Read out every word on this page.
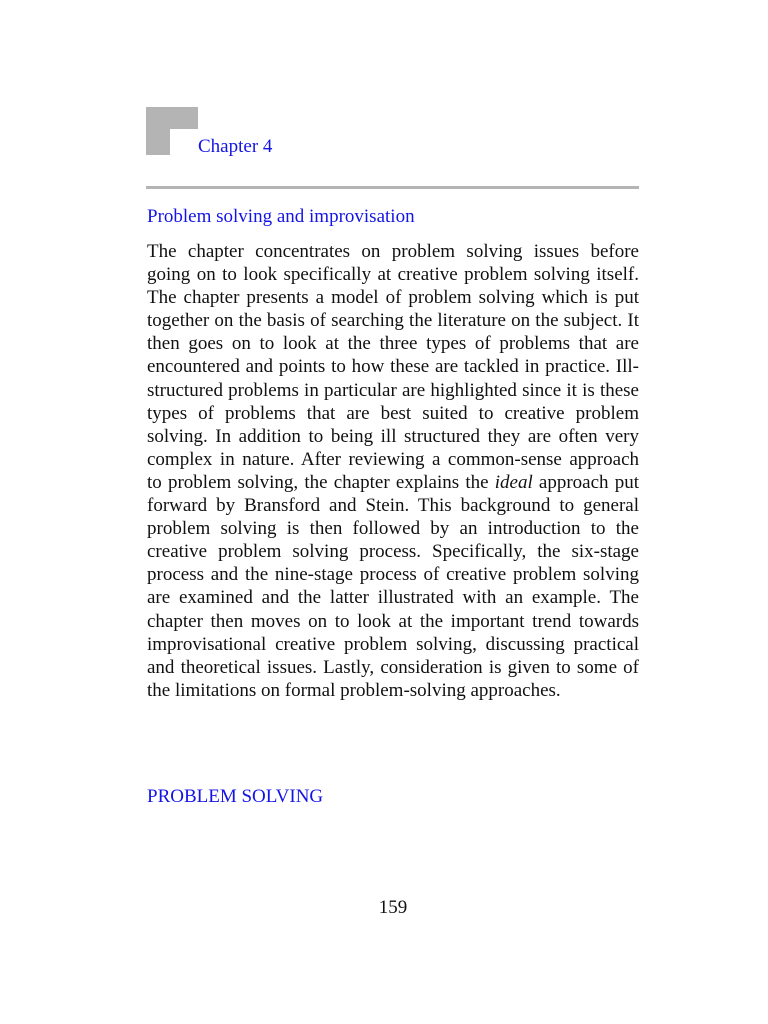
Chapter 4
Problem solving and improvisation

The chapter concentrates on problem solving issues before going on to look specifically at creative problem solving itself. The chapter presents a model of problem solving which is put together on the basis of searching the literature on the subject. It then goes on to look at the three types of problems that are encountered and points to how these are tackled in practice. Ill-structured problems in particular are highlighted since it is these types of problems that are best suited to creative problem solving. In addition to being ill structured they are often very complex in nature. After reviewing a common-sense approach to problem solving, the chapter explains the ideal approach put forward by Bransford and Stein. This background to general problem solving is then followed by an introduction to the creative problem solving process. Specifically, the six-stage process and the nine-stage process of creative problem solving are examined and the latter illustrated with an example. The chapter then moves on to look at the important trend towards improvisational creative problem solving, discussing practical and theoretical issues. Lastly, consideration is given to some of the limitations on formal problem-solving approaches.

PROBLEM SOLVING
159
